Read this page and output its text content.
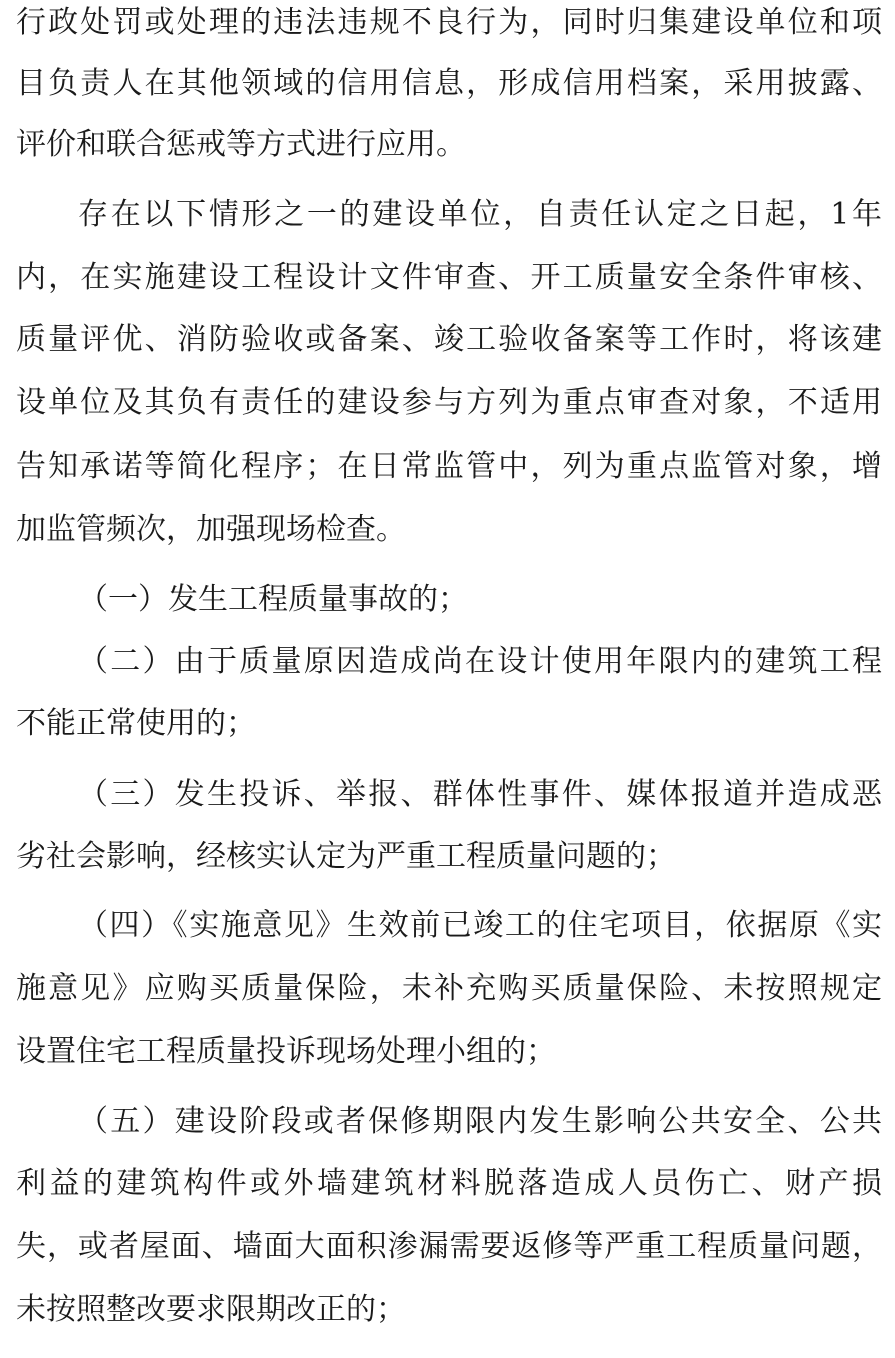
行政处罚或处理的违法违规不良行为，同时归集建设单位和项
目负责人在其他领域的信用信息，形成信用档案，采用披露、
评价和联合惩戒等方式进行应用。
存在以下情形之一的建设单位，自责任认定之日起，1年
内，在实施建设工程设计文件审查、开工质量安全条件审核、
质量评优、消防验收或备案、竣工验收备案等工作时，将该建
设单位及其负有责任的建设参与方列为重点审查对象，不适用
告知承诺等简化程序；在日常监管中，列为重点监管对象，增
加监管频次，加强现场检查。
（一）发生工程质量事故的；
（二）由于质量原因造成尚在设计使用年限内的建筑工程
不能正常使用的；
（三）发生投诉、举报、群体性事件、媒体报道并造成恶
劣社会影响，经核实认定为严重工程质量问题的；
（四）《实施意见》生效前已竣工的住宅项目，依据原《实
施意见》应购买质量保险，未补充购买质量保险、未按照规定
设置住宅工程质量投诉现场处理小组的；
（五）建设阶段或者保修期限内发生影响公共安全、公共
利益的建筑构件或外墙建筑材料脱落造成人员伤亡、财产损
失，或者屋面、墙面大面积渗漏需要返修等严重工程质量问题，
未按照整改要求限期改正的；
